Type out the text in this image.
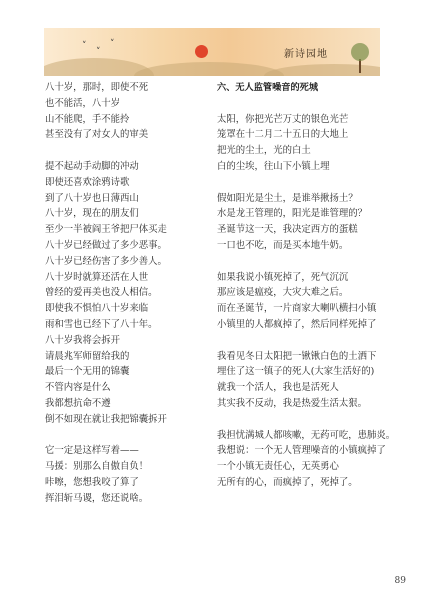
˅
˅
˅
新诗园地
八十岁，那时，即使不死
也不能活，八十岁
山不能爬，手不能拎
甚至没有了对女人的审美
提不起动手动脚的冲动
即使还喜欢涂鸦诗歌
到了八十岁也日薄西山
八十岁，现在的朋友们
至少一半被阎王爷把尸体买走
八十岁已经做过了多少恶事。
八十岁已经伤害了多少善人。
八十岁时就算还活在人世
曾经的爱再美也没人相信。
即使我不惧怕八十岁来临
雨和雪也已经下了八十年。
八十岁我将会拆开
请晨兆军师留给我的
最后一个无用的锦囊
不管内容是什么
我都想抗命不遵
倒不如现在就让我把锦囊拆开
它一定是这样写着——
马援：别那么自傲自负！
咔嚓，您想我咬了算了
挥泪斩马谡，您还说啥。
六、无人监管噪音的死城
太阳，你把光芒万丈的银色光芒
笼罩在十二月二十五日的大地上
把光的尘土，光的白土
白的尘埃，往山下小镇上埋
假如阳光是尘土，是谁举揪扬土？
水是龙王管理的，阳光是谁管理的？
圣诞节这一天，我决定西方的蛋糕
一口也不吃，而是买本地牛奶。
如果我说小镇死掉了，死气沉沉
那应该是瘟疫，大灾大难之后。
而在圣诞节，一片商家大喇叭横扫小镇
小镇里的人都疯掉了，然后同样死掉了
我看见冬日太阳把一锹锹白色的土洒下
埋住了这一镇子的死人(大家生活好的)
就我一个活人，我也是活死人
其实我不反动，我是热爱生活太狠。
我担忧满城人都咳嗽，无药可吃，患肺炎。
我想说：一个无人管理噪音的小镇疯掉了
一个小镇无责任心，无英勇心
无所有的心，而疯掉了，死掉了。
89
